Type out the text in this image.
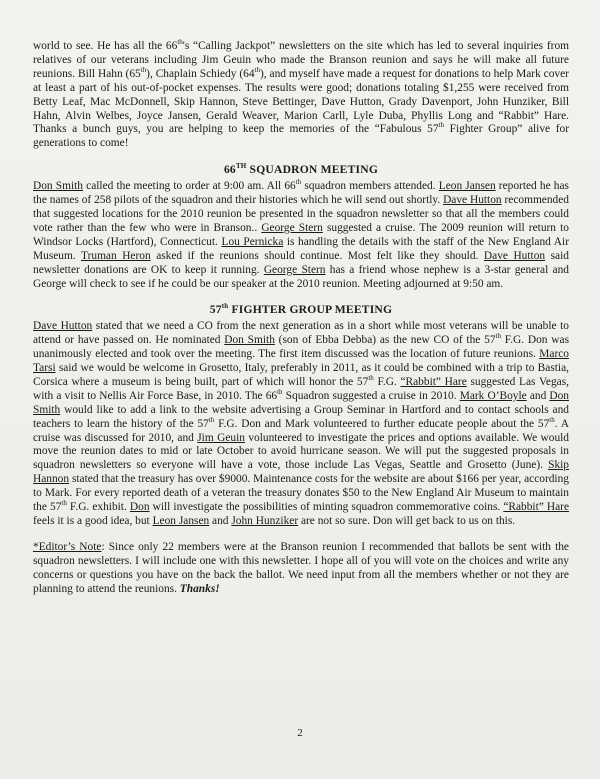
world to see. He has all the 66th's “Calling Jackpot” newsletters on the site which has led to several inquiries from relatives of our veterans including Jim Geuin who made the Branson reunion and says he will make all future reunions. Bill Hahn (65th), Chaplain Schiedy (64th), and myself have made a request for donations to help Mark cover at least a part of his out-of-pocket expenses. The results were good; donations totaling $1,255 were received from Betty Leaf, Mac McDonnell, Skip Hannon, Steve Bettinger, Dave Hutton, Grady Davenport, John Hunziker, Bill Hahn, Alvin Welbes, Joyce Jansen, Gerald Weaver, Marion Carll, Lyle Duba, Phyllis Long and “Rabbit” Hare. Thanks a bunch guys, you are helping to keep the memories of the “Fabulous 57th Fighter Group” alive for generations to come!

66TH SQUADRON MEETING

Don Smith called the meeting to order at 9:00 am. All 66th squadron members attended. Leon Jansen reported he has the names of 258 pilots of the squadron and their histories which he will send out shortly. Dave Hutton recommended that suggested locations for the 2010 reunion be presented in the squadron newsletter so that all the members could vote rather than the few who were in Branson.. George Stern suggested a cruise. The 2009 reunion will return to Windsor Locks (Hartford), Connecticut. Lou Pernicka is handling the details with the staff of the New England Air Museum. Truman Heron asked if the reunions should continue. Most felt like they should. Dave Hutton said newsletter donations are OK to keep it running. George Stern has a friend whose nephew is a 3-star general and George will check to see if he could be our speaker at the 2010 reunion. Meeting adjourned at 9:50 am.

57th FIGHTER GROUP MEETING

Dave Hutton stated that we need a CO from the next generation as in a short while most veterans will be unable to attend or have passed on. He nominated Don Smith (son of Ebba Debba) as the new CO of the 57th F.G. Don was unanimously elected and took over the meeting. The first item discussed was the location of future reunions. Marco Tarsi said we would be welcome in Grosetto, Italy, preferably in 2011, as it could be combined with a trip to Bastia, Corsica where a museum is being built, part of which will honor the 57th F.G. “Rabbit” Hare suggested Las Vegas, with a visit to Nellis Air Force Base, in 2010. The 66th Squadron suggested a cruise in 2010. Mark O’Boyle and Don Smith would like to add a link to the website advertising a Group Seminar in Hartford and to contact schools and teachers to learn the history of the 57th F.G. Don and Mark volunteered to further educate people about the 57th. A cruise was discussed for 2010, and Jim Geuin volunteered to investigate the prices and options available. We would move the reunion dates to mid or late October to avoid hurricane season. We will put the suggested proposals in squadron newsletters so everyone will have a vote, those include Las Vegas, Seattle and Grosetto (June). Skip Hannon stated that the treasury has over $9000. Maintenance costs for the website are about $166 per year, according to Mark. For every reported death of a veteran the treasury donates $50 to the New England Air Museum to maintain the 57th F.G. exhibit. Don will investigate the possibilities of minting squadron commemorative coins. “Rabbit” Hare feels it is a good idea, but Leon Jansen and John Hunziker are not so sure. Don will get back to us on this.

*Editor’s Note: Since only 22 members were at the Branson reunion I recommended that ballots be sent with the squadron newsletters. I will include one with this newsletter. I hope all of you will vote on the choices and write any concerns or questions you have on the back the ballot. We need input from all the members whether or not they are planning to attend the reunions. Thanks!

2
